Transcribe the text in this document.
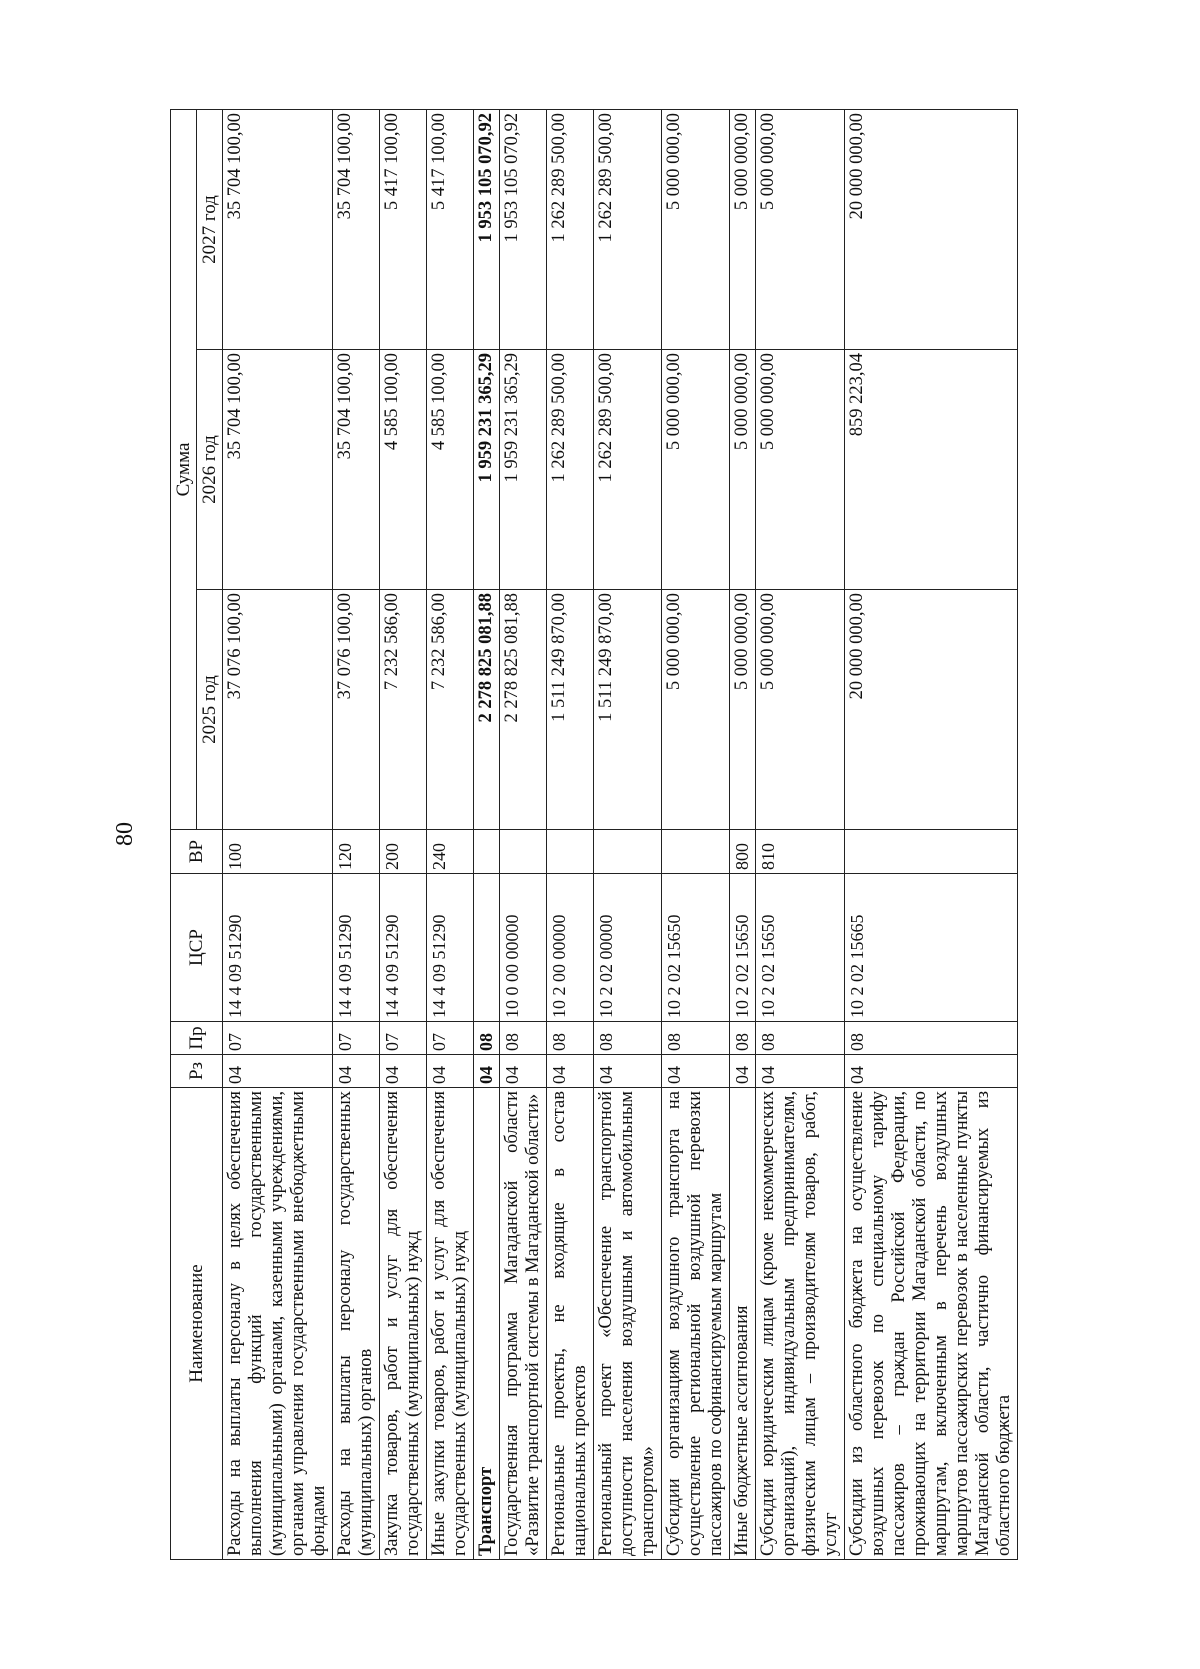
80
Наименование	Рз	Пр	ЦСР	ВР	Сумма		
					2025 год	2026 год	2027 год
Расходы на выплаты персоналу в целях обеспечения выполнения функций государственными (муниципальными) органами, казенными учреждениями, органами управления государственными внебюджетными фондами	04	07	14 4 09 51290	100	37 076 100,00	35 704 100,00	35 704 100,00
Расходы на выплаты персоналу государственных (муниципальных) органов	04	07	14 4 09 51290	120	37 076 100,00	35 704 100,00	35 704 100,00
Закупка товаров, работ и услуг для обеспечения государственных (муниципальных) нужд	04	07	14 4 09 51290	200	7 232 586,00	4 585 100,00	5 417 100,00
Иные закупки товаров, работ и услуг для обеспечения государственных (муниципальных) нужд	04	07	14 4 09 51290	240	7 232 586,00	4 585 100,00	5 417 100,00
Транспорт	04	08			2 278 825 081,88	1 959 231 365,29	1 953 105 070,92
Государственная программа Магаданской области «Развитие транспортной системы в Магаданской области»	04	08	10 0 00 00000		2 278 825 081,88	1 959 231 365,29	1 953 105 070,92
Региональные проекты, не входящие в состав национальных проектов	04	08	10 2 00 00000		1 511 249 870,00	1 262 289 500,00	1 262 289 500,00
Региональный проект «Обеспечение транспортной доступности населения воздушным и автомобильным транспортом»	04	08	10 2 02 00000		1 511 249 870,00	1 262 289 500,00	1 262 289 500,00
Субсидии организациям воздушного транспорта на осуществление региональной воздушной перевозки пассажиров по софинансируемым маршрутам	04	08	10 2 02 15650		5 000 000,00	5 000 000,00	5 000 000,00
Иные бюджетные ассигнования	04	08	10 2 02 15650	800	5 000 000,00	5 000 000,00	5 000 000,00
Субсидии юридическим лицам (кроме некоммерческих организаций), индивидуальным предпринимателям, физическим лицам – производителям товаров, работ, услуг	04	08	10 2 02 15650	810	5 000 000,00	5 000 000,00	5 000 000,00
Субсидии из областного бюджета на осуществление воздушных перевозок по специальному тарифу пассажиров – граждан Российской Федерации, проживающих на территории Магаданской области, по маршрутам, включенным в перечень воздушных маршрутов пассажирских перевозок в населенные пункты Магаданской области, частично финансируемых из областного бюджета	04	08	10 2 02 15665		20 000 000,00	859 223,04	20 000 000,00
